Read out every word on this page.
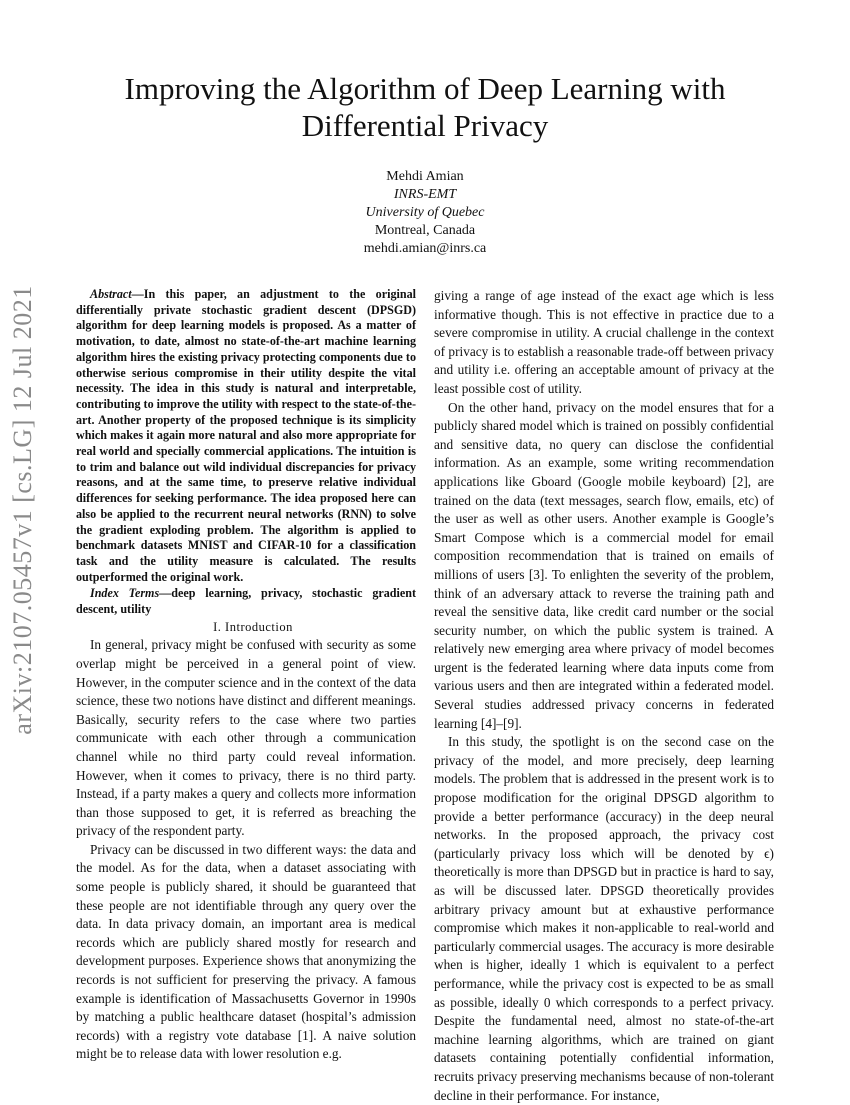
arXiv:2107.05457v1 [cs.LG] 12 Jul 2021
Improving the Algorithm of Deep Learning with Differential Privacy
Mehdi Amian
INRS-EMT
University of Quebec
Montreal, Canada
mehdi.amian@inrs.ca

Abstract—In this paper, an adjustment to the original differentially private stochastic gradient descent (DPSGD) algorithm for deep learning models is proposed. As a matter of motivation, to date, almost no state-of-the-art machine learning algorithm hires the existing privacy protecting components due to otherwise serious compromise in their utility despite the vital necessity. The idea in this study is natural and interpretable, contributing to improve the utility with respect to the state-of-the-art. Another property of the proposed technique is its simplicity which makes it again more natural and also more appropriate for real world and specially commercial applications. The intuition is to trim and balance out wild individual discrepancies for privacy reasons, and at the same time, to preserve relative individual differences for seeking performance. The idea proposed here can also be applied to the recurrent neural networks (RNN) to solve the gradient exploding problem. The algorithm is applied to benchmark datasets MNIST and CIFAR-10 for a classification task and the utility measure is calculated. The results outperformed the original work.

Index Terms—deep learning, privacy, stochastic gradient descent, utility

I. Introduction

In general, privacy might be confused with security as some overlap might be perceived in a general point of view. However, in the computer science and in the context of the data science, these two notions have distinct and different meanings. Basically, security refers to the case where two parties communicate with each other through a communication channel while no third party could reveal information. However, when it comes to privacy, there is no third party. Instead, if a party makes a query and collects more information than those supposed to get, it is referred as breaching the privacy of the respondent party.

Privacy can be discussed in two different ways: the data and the model. As for the data, when a dataset associating with some people is publicly shared, it should be guaranteed that these people are not identifiable through any query over the data. In data privacy domain, an important area is medical records which are publicly shared mostly for research and development purposes. Experience shows that anonymizing the records is not sufficient for preserving the privacy. A famous example is identification of Massachusetts Governor in 1990s by matching a public healthcare dataset (hospital’s admission records) with a registry vote database [1]. A naive solution might be to release data with lower resolution e.g.

giving a range of age instead of the exact age which is less informative though. This is not effective in practice due to a severe compromise in utility. A crucial challenge in the context of privacy is to establish a reasonable trade-off between privacy and utility i.e. offering an acceptable amount of privacy at the least possible cost of utility.

On the other hand, privacy on the model ensures that for a publicly shared model which is trained on possibly confidential and sensitive data, no query can disclose the confidential information. As an example, some writing recommendation applications like Gboard (Google mobile keyboard) [2], are trained on the data (text messages, search flow, emails, etc) of the user as well as other users. Another example is Google’s Smart Compose which is a commercial model for email composition recommendation that is trained on emails of millions of users [3]. To enlighten the severity of the problem, think of an adversary attack to reverse the training path and reveal the sensitive data, like credit card number or the social security number, on which the public system is trained. A relatively new emerging area where privacy of model becomes urgent is the federated learning where data inputs come from various users and then are integrated within a federated model. Several studies addressed privacy concerns in federated learning [4]–[9].

In this study, the spotlight is on the second case on the privacy of the model, and more precisely, deep learning models. The problem that is addressed in the present work is to propose modification for the original DPSGD algorithm to provide a better performance (accuracy) in the deep neural networks. In the proposed approach, the privacy cost (particularly privacy loss which will be denoted by ϵ) theoretically is more than DPSGD but in practice is hard to say, as will be discussed later. DPSGD theoretically provides arbitrary privacy amount but at exhaustive performance compromise which makes it non-applicable to real-world and particularly commercial usages. The accuracy is more desirable when is higher, ideally 1 which is equivalent to a perfect performance, while the privacy cost is expected to be as small as possible, ideally 0 which corresponds to a perfect privacy. Despite the fundamental need, almost no state-of-the-art machine learning algorithms, which are trained on giant datasets containing potentially confidential information, recruits privacy preserving mechanisms because of non-tolerant decline in their performance. For instance,
